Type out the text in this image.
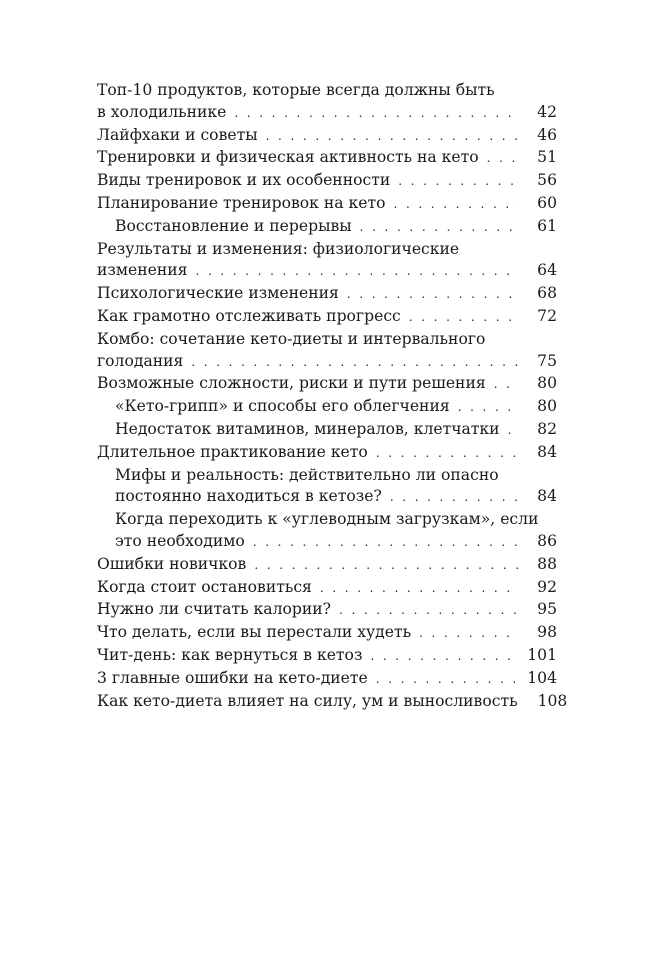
Топ-10 продуктов, которые всегда должны быть
в холодильнике . . .	42
Лайфхаки и советы . . .	46
Тренировки и физическая активность на кето . . .	51
Виды тренировок и их особенности . . .	56
Планирование тренировок на кето . . .	60
Восстановление и перерывы . . .	61
Результаты и изменения: физиологические
изменения . . .	64
Психологические изменения . . .	68
Как грамотно отслеживать прогресс . . .	72
Комбо: сочетание кето-диеты и интервального
голодания . . .	75
Возможные сложности, риски и пути решения . . .	80
«Кето-грипп» и способы его облегчения . . .	80
Недостаток витаминов, минералов, клетчатки . . .	82
Длительное практикование кето . . .	84
Мифы и реальность: действительно ли опасно
постоянно находиться в кетозе? . . .	84
Когда переходить к «углеводным загрузкам», если
это необходимо . . .	86
Ошибки новичков . . .	88
Когда стоит остановиться . . .	92
Нужно ли считать калории? . . .	95
Что делать, если вы перестали худеть . . .	98
Чит-день: как вернуться в кетоз . . .	101
3 главные ошибки на кето-диете . . .	104
Как кето-диета влияет на силу, ум и выносливость 108
